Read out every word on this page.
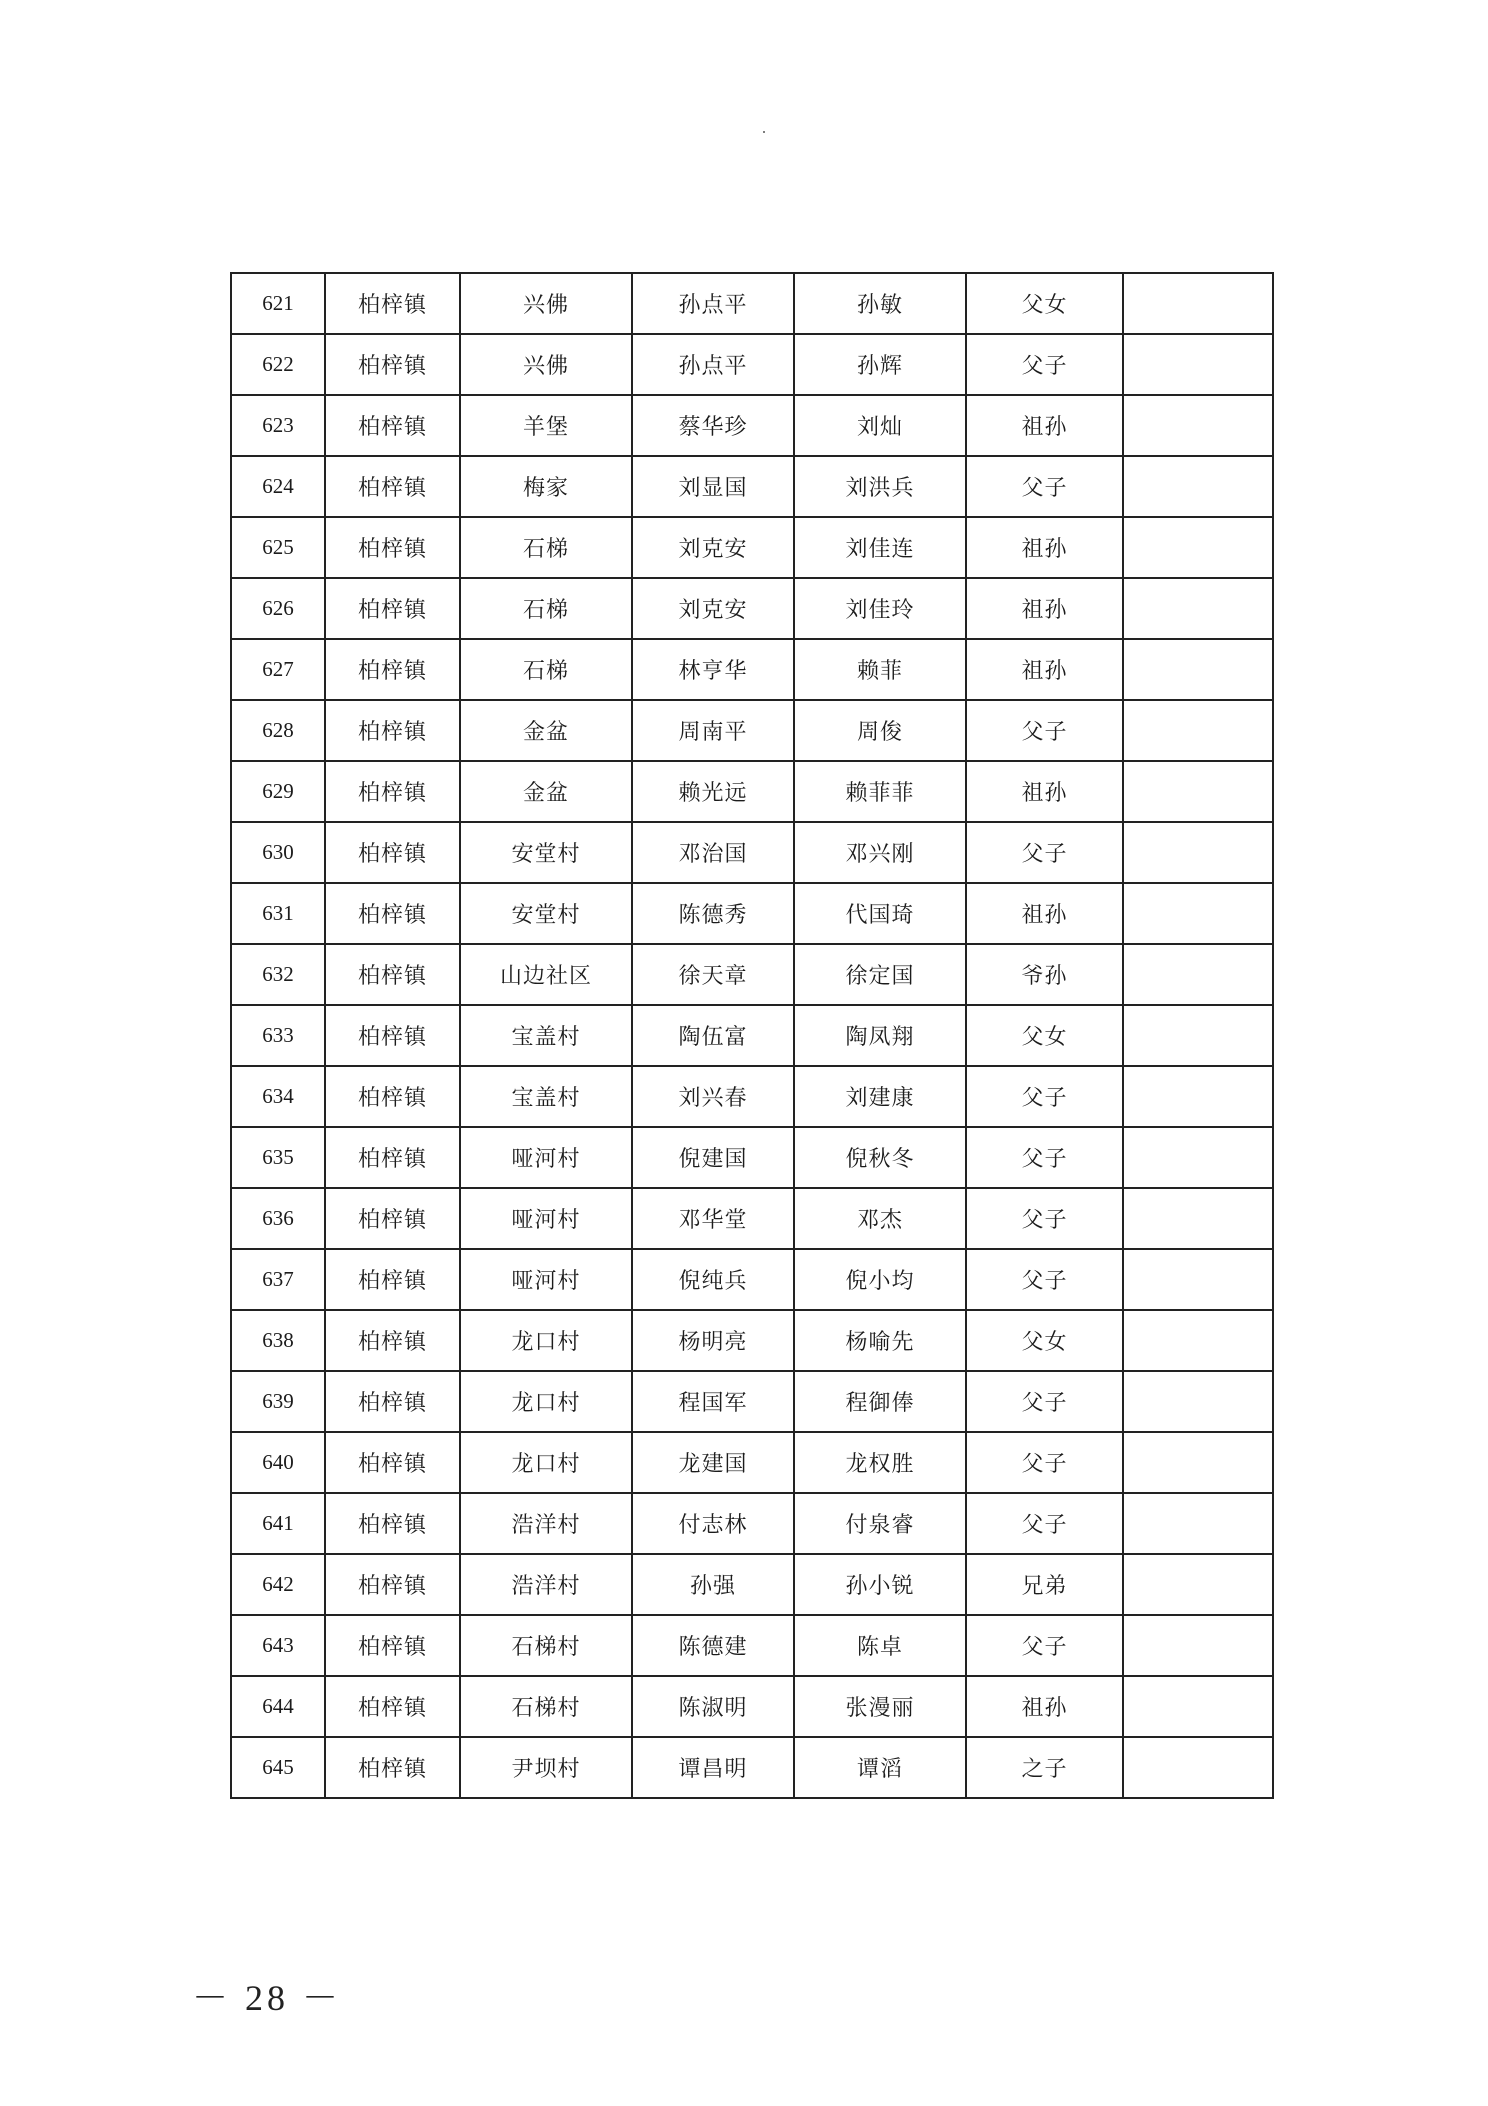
621	柏梓镇	兴佛	孙点平	孙敏	父女	
622	柏梓镇	兴佛	孙点平	孙辉	父子	
623	柏梓镇	羊堡	蔡华珍	刘灿	祖孙	
624	柏梓镇	梅家	刘显国	刘洪兵	父子	
625	柏梓镇	石梯	刘克安	刘佳连	祖孙	
626	柏梓镇	石梯	刘克安	刘佳玲	祖孙	
627	柏梓镇	石梯	林亨华	赖菲	祖孙	
628	柏梓镇	金盆	周南平	周俊	父子	
629	柏梓镇	金盆	赖光远	赖菲菲	祖孙	
630	柏梓镇	安堂村	邓治国	邓兴刚	父子	
631	柏梓镇	安堂村	陈德秀	代国琦	祖孙	
632	柏梓镇	山边社区	徐天章	徐定国	爷孙	
633	柏梓镇	宝盖村	陶伍富	陶凤翔	父女	
634	柏梓镇	宝盖村	刘兴春	刘建康	父子	
635	柏梓镇	哑河村	倪建国	倪秋冬	父子	
636	柏梓镇	哑河村	邓华堂	邓杰	父子	
637	柏梓镇	哑河村	倪纯兵	倪小均	父子	
638	柏梓镇	龙口村	杨明亮	杨喻先	父女	
639	柏梓镇	龙口村	程国军	程御俸	父子	
640	柏梓镇	龙口村	龙建国	龙权胜	父子	
641	柏梓镇	浩洋村	付志林	付泉睿	父子	
642	柏梓镇	浩洋村	孙强	孙小锐	兄弟	
643	柏梓镇	石梯村	陈德建	陈卓	父子	
644	柏梓镇	石梯村	陈淑明	张漫丽	祖孙	
645	柏梓镇	尹坝村	谭昌明	谭滔	之子	
－ 28 －
